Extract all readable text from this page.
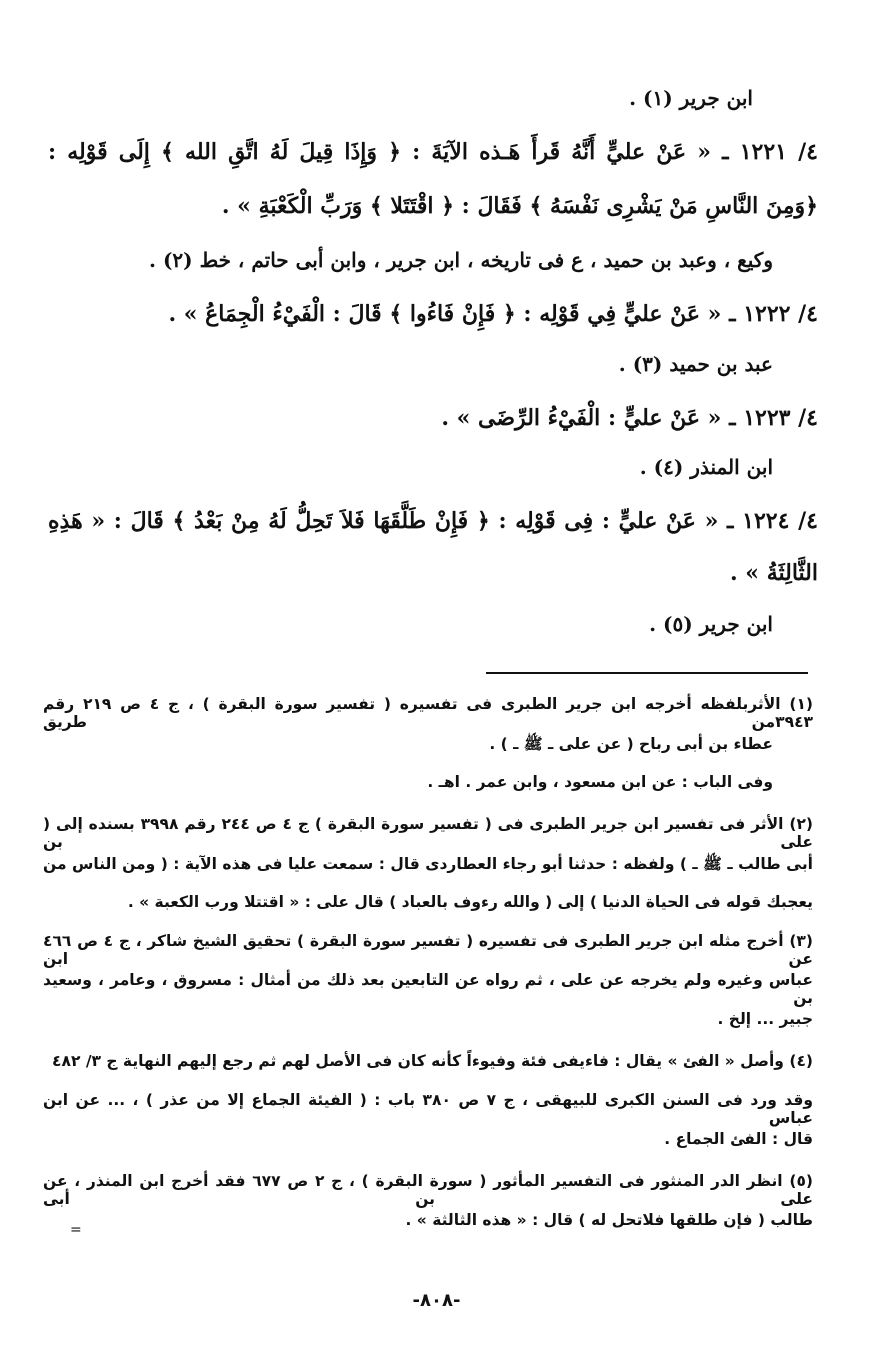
ابن جرير (١) .
٤/ ١٢٢١ ـ « عَنْ عليٍّ أَنَّهُ قَرأَ هَـذه الآيَةَ : ﴿ وَإِذَا قِيلَ لَهُ اتَّقِ الله ﴾ إِلَى قَوْلِه :
﴿وَمِنَ النَّاسِ مَنْ يَشْرِى نَفْسَهُ ﴾ فَقَالَ : ﴿ اقْتَتَلا ﴾ وَرَبِّ الْكَعْبَةِ » .
وكيع ، وعبد بن حميد ، ع فى تاريخه ، ابن جرير ، وابن أبى حاتم ، خط (٢) .
٤/ ١٢٢٢ ـ « عَنْ عليٍّ فِي قَوْلِه : ﴿ فَإِنْ فَاءُوا ﴾ قَالَ : الْفَيْءُ الْجِمَاعُ » .
عبد بن حميد (٣) .
٤/ ١٢٢٣ ـ « عَنْ عليٍّ : الْفَيْءُ الرِّضَى » .
ابن المنذر (٤) .
٤/ ١٢٢٤ ـ « عَنْ عليٍّ : فِى قَوْلِه : ﴿ فَإِنْ طَلَّقَهَا فَلاَ تَحِلُّ لَهُ مِنْ بَعْدُ ﴾ قَالَ : « هَذِهِ
الثَّالِثَةُ » .
ابن جرير (٥) .
(١) الأثربلفظه أخرجه ابن جرير الطبرى فى تفسيره ( تفسير سورة البقرة ) ، ج ٤ ص ٢١٩ رقم ٣٩٤٣من طريق
عطاء بن أبى رباح ( عن على ـ ﷺ ـ ) .
وفى الباب : عن ابن مسعود ، وابن عمر . اهـ .
(٢) الأثر فى تفسير ابن جرير الطبرى فى ( تفسير سورة البقرة ) ج ٤ ص ٢٤٤ رقم ٣٩٩٨ بسنده إلى ( على بن
أبى طالب ـ ﷺ ـ ) ولفظه : حدثنا أبو رجاء العطاردى قال : سمعت عليا فى هذه الآية : ( ومن الناس من
يعجبك قوله فى الحياة الدنيا ) إلى ( والله رءوف بالعباد ) قال على : « اقتتلا ورب الكعبة » .
(٣) أخرج مثله ابن جرير الطبرى فى تفسيره ( تفسير سورة البقرة ) تحقيق الشيخ شاكر ، ج ٤ ص ٤٦٦ عن ابن
عباس وغيره ولم يخرجه عن على ، ثم رواه عن التابعين بعد ذلك من أمثال : مسروق ، وعامر ، وسعيد بن
جبير ... إلخ .
(٤) وأصل « الفئ » يقال : فاءيفى فئة وفيوءاً كأنه كان فى الأصل لهم ثم رجع إليهم النهاية ج ٣/ ٤٨٢
وقد ورد فى السنن الكبرى للبيهقى ، ج ٧ ص ٣٨٠ باب : ( الفيئة الجماع إلا من عذر ) ، ... عن ابن عباس
قال : الفئ الجماع .
(٥) انظر الدر المنثور فى التفسير المأثور ( سورة البقرة ) ، ج ٢ ص ٦٧٧ فقد أخرج ابن المنذر ، عن على بن أبى
طالب ( فإن طلقها فلاتحل له ) قال : « هذه الثالثة » .
=
-٨٠٨-
